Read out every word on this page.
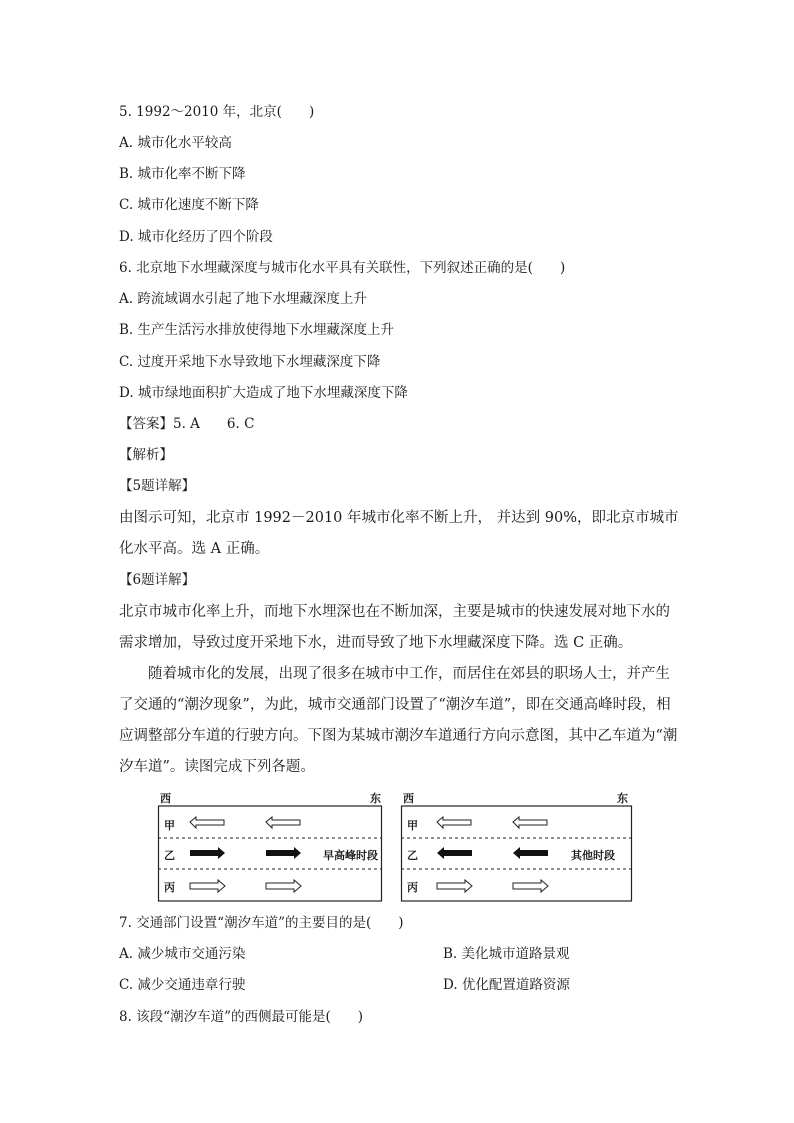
5. 1992～2010 年，北京(　　)
A. 城市化水平较高
B. 城市化率不断下降
C. 城市化速度不断下降
D. 城市化经历了四个阶段
6. 北京地下水埋藏深度与城市化水平具有关联性，下列叙述正确的是(　　)
A. 跨流域调水引起了地下水埋藏深度上升
B. 生产生活污水排放使得地下水埋藏深度上升
C. 过度开采地下水导致地下水埋藏深度下降
D. 城市绿地面积扩大造成了地下水埋藏深度下降
【答案】5. A　　6. C
【解析】
【5题详解】
由图示可知，北京市 1992－2010 年城市化率不断上升， 并达到 90%，即北京市城市化水平高。选 A 正确。
【6题详解】
北京市城市化率上升，而地下水埋深也在不断加深，主要是城市的快速发展对地下水的需求增加，导致过度开采地下水，进而导致了地下水埋藏深度下降。选 C 正确。
随着城市化的发展，出现了很多在城市中工作，而居住在郊县的职场人士，并产生了交通的“潮汐现象”，为此，城市交通部门设置了“潮汐车道”，即在交通高峰时段，相应调整部分车道的行驶方向。下图为某城市潮汐车道通行方向示意图，其中乙车道为“潮汐车道”。读图完成下列各题。
西	东
甲
乙
丙
早高峰时段
西	东
甲
乙
丙
其他时段
7. 交通部门设置“潮汐车道”的主要目的是(　　)
A. 减少城市交通污染	B. 美化城市道路景观
C. 减少交通违章行驶	D. 优化配置道路资源
8. 该段“潮汐车道”的西侧最可能是(　　)
